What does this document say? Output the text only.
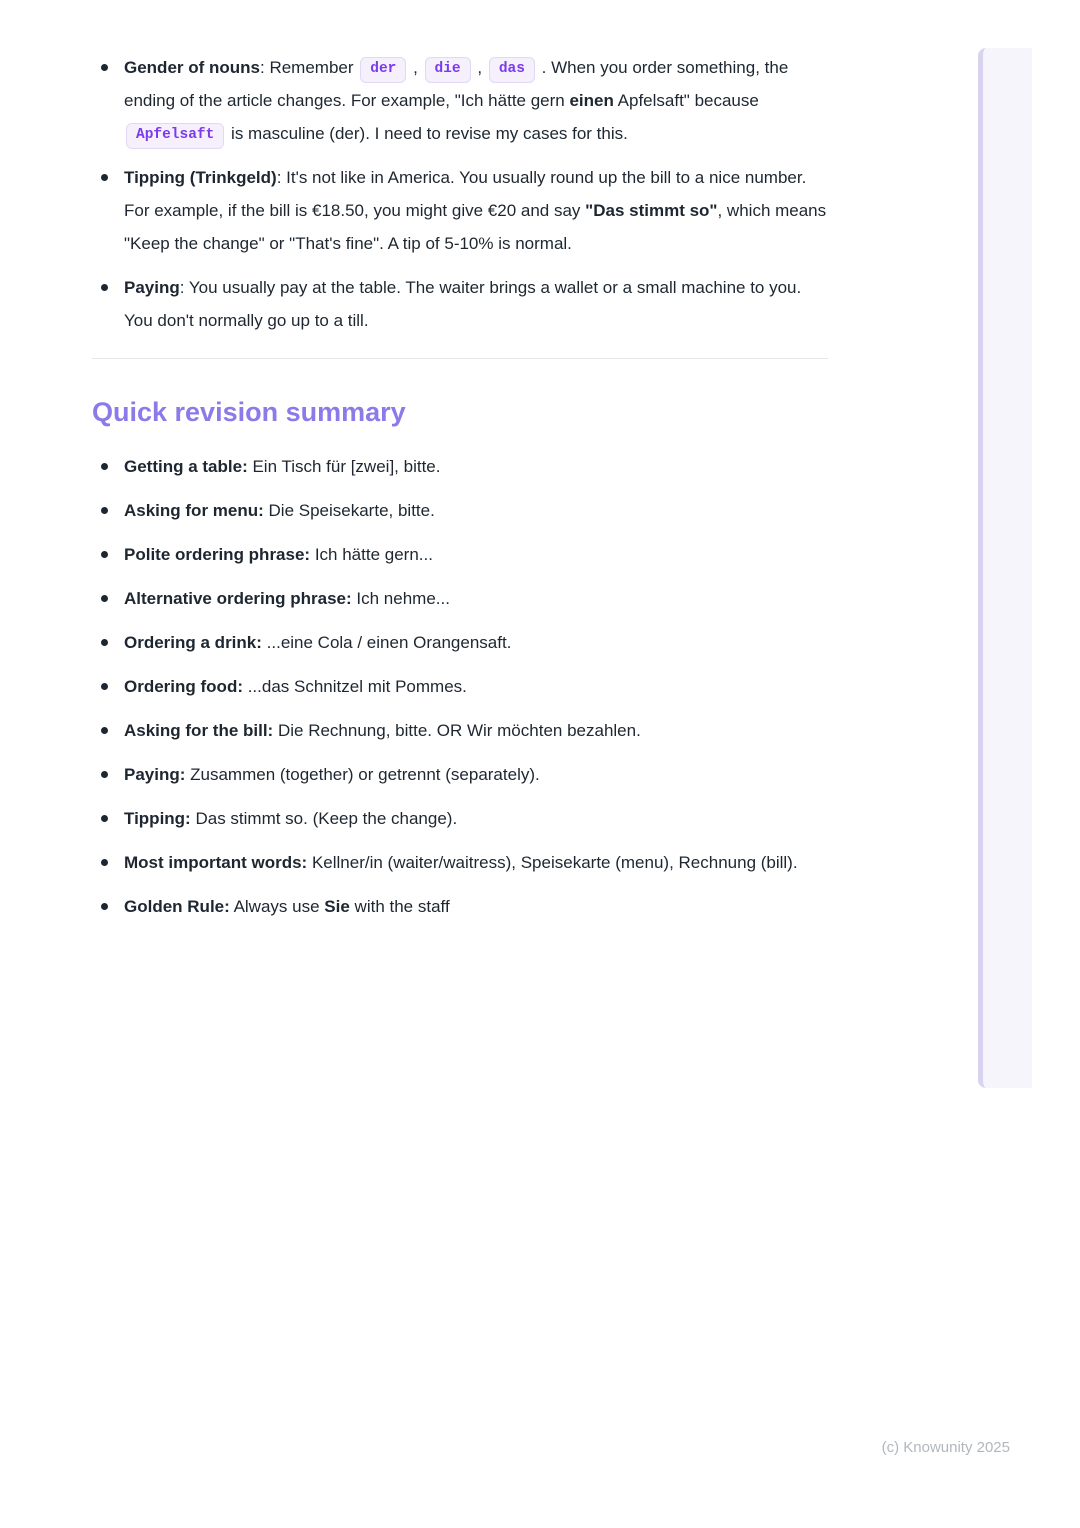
Gender of nouns: Remember der , die , das . When you order something, the ending of the article changes. For example, "Ich hätte gern einen Apfelsaft" because Apfelsaft is masculine (der). I need to revise my cases for this.
Tipping (Trinkgeld): It's not like in America. You usually round up the bill to a nice number. For example, if the bill is €18.50, you might give €20 and say "Das stimmt so", which means "Keep the change" or "That's fine". A tip of 5-10% is normal.
Paying: You usually pay at the table. The waiter brings a wallet or a small machine to you. You don't normally go up to a till.
Quick revision summary
Getting a table: Ein Tisch für [zwei], bitte.
Asking for menu: Die Speisekarte, bitte.
Polite ordering phrase: Ich hätte gern...
Alternative ordering phrase: Ich nehme...
Ordering a drink: ...eine Cola / einen Orangensaft.
Ordering food: ...das Schnitzel mit Pommes.
Asking for the bill: Die Rechnung, bitte. OR Wir möchten bezahlen.
Paying: Zusammen (together) or getrennt (separately).
Tipping: Das stimmt so. (Keep the change).
Most important words: Kellner/in (waiter/waitress), Speisekarte (menu), Rechnung (bill).
Golden Rule: Always use Sie with the staff
(c) Knowunity 2025
